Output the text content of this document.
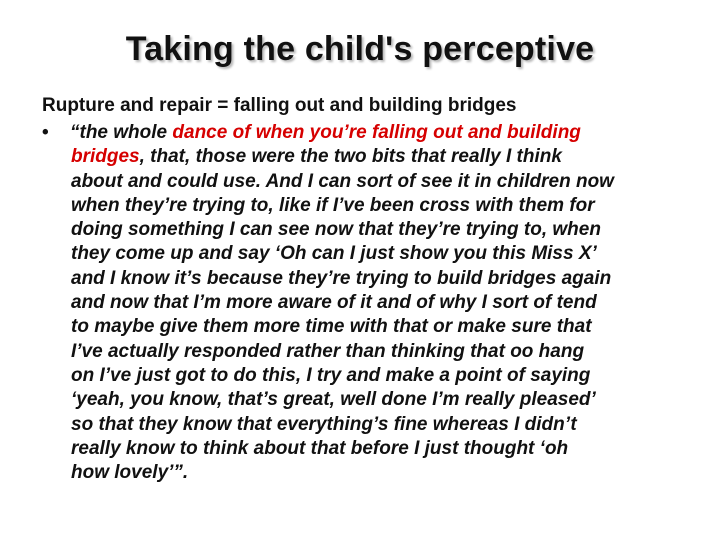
Taking the child's perceptive
Rupture and repair = falling out and building bridges
• “the whole dance of when you’re falling out and building
bridges, that, those were the two bits that really I think
about and could use. And I can sort of see it in children now
when they’re trying to, like if I’ve been cross with them for
doing something I can see now that they’re trying to, when
they come up and say ‘Oh can I just show you this Miss X’
and I know it’s because they’re trying to build bridges again
and now that I’m more aware of it and of why I sort of tend
to maybe give them more time with that or make sure that
I’ve actually responded rather than thinking that oo hang
on I’ve just got to do this, I try and make a point of saying
‘yeah, you know, that’s great, well done I’m really pleased’
so that they know that everything’s fine whereas I didn’t
really know to think about that before I just thought ‘oh
how lovely’”.
